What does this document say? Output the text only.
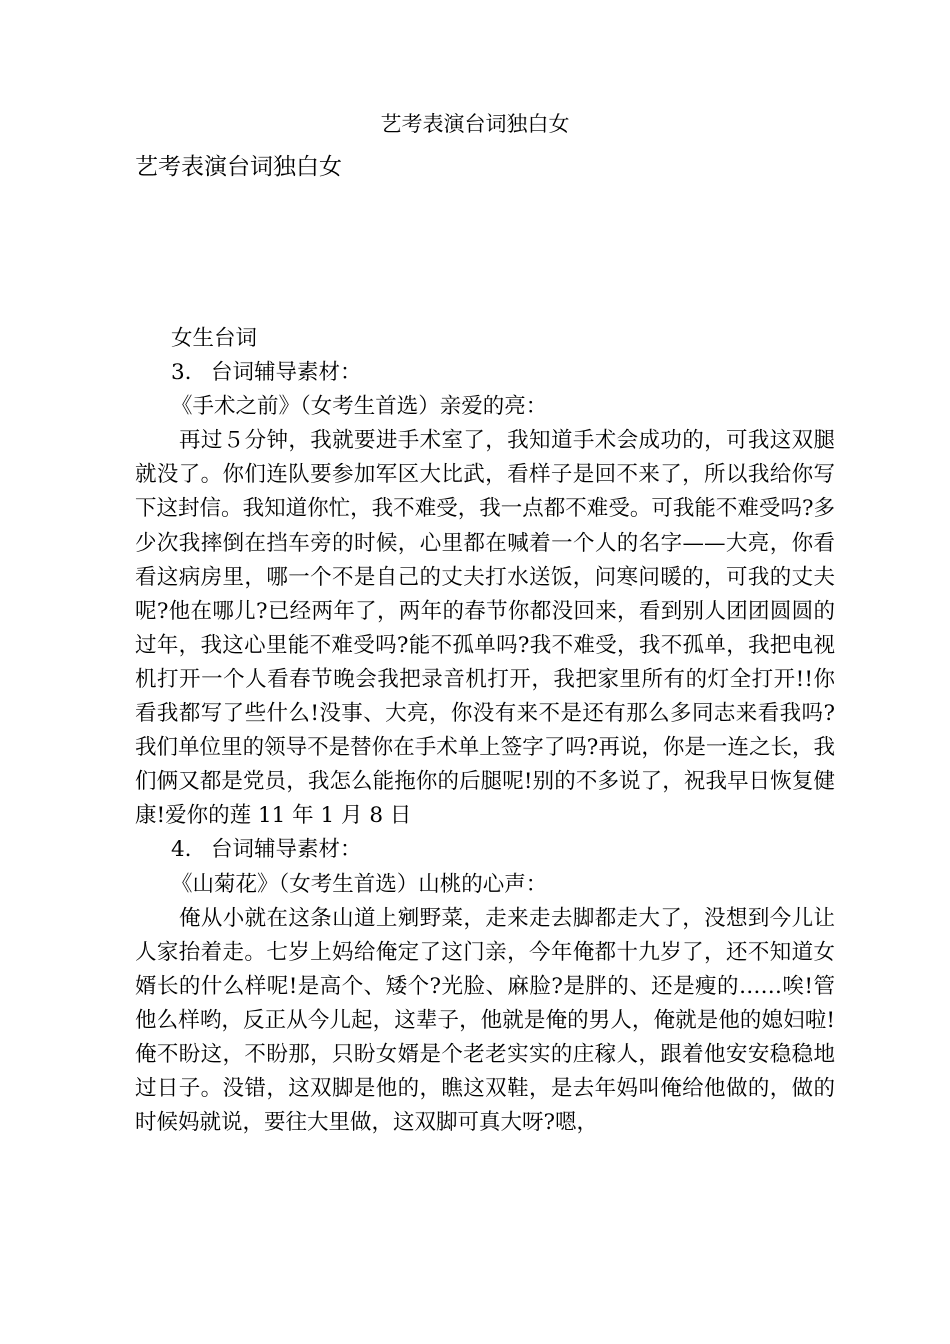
艺考表演台词独白女
艺考表演台词独白女

女生台词

3. 台词辅导素材：

《手术之前》（女考生首选）亲爱的亮：

再过５分钟，我就要进手术室了，我知道手术会成功的，可我这双腿就没了。你们连队要参加军区大比武，看样子是回不来了，所以我给你写下这封信。我知道你忙，我不难受，我一点都不难受。可我能不难受吗?多少次我摔倒在挡车旁的时候，心里都在喊着一个人的名字——大亮，你看看这病房里，哪一个不是自己的丈夫打水送饭，问寒问暖的，可我的丈夫呢?他在哪儿?已经两年了，两年的春节你都没回来，看到别人团团圆圆的过年，我这心里能不难受吗?能不孤单吗?我不难受，我不孤单，我把电视机打开一个人看春节晚会我把录音机打开，我把家里所有的灯全打开!!你看我都写了些什么!没事、大亮，你没有来不是还有那么多同志来看我吗?我们单位里的领导不是替你在手术单上签字了吗?再说，你是一连之长，我们俩又都是党员，我怎么能拖你的后腿呢!别的不多说了，祝我早日恢复健康!爱你的莲 11 年 1 月 8 日

4. 台词辅导素材：

《山菊花》（女考生首选）山桃的心声：

俺从小就在这条山道上剜野菜，走来走去脚都走大了，没想到今儿让人家抬着走。七岁上妈给俺定了这门亲，今年俺都十九岁了，还不知道女婿长的什么样呢!是高个、矮个?光脸、麻脸?是胖的、还是瘦的……唉!管他么样哟，反正从今儿起，这辈子，他就是俺的男人，俺就是他的媳妇啦!俺不盼这，不盼那，只盼女婿是个老老实实的庄稼人，跟着他安安稳稳地过日子。没错，这双脚是他的，瞧这双鞋，是去年妈叫俺给他做的，做的时候妈就说，要往大里做，这双脚可真大呀?嗯，
